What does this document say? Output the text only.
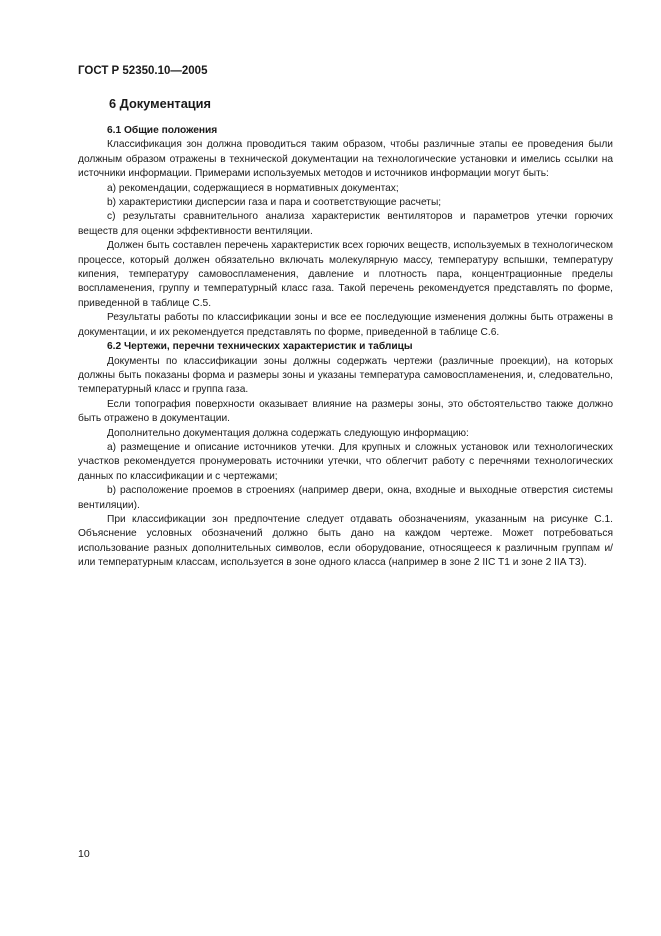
ГОСТ Р 52350.10—2005
6 Документация
6.1 Общие положения

Классификация зон должна проводиться таким образом, чтобы различные этапы ее проведения были должным образом отражены в технической документации на технологические установки и имелись ссылки на источники информации. Примерами используемых методов и источников информации могут быть:

a) рекомендации, содержащиеся в нормативных документах;

b) характеристики дисперсии газа и пара и соответствующие расчеты;

c) результаты сравнительного анализа характеристик вентиляторов и параметров утечки горючих веществ для оценки эффективности вентиляции.

Должен быть составлен перечень характеристик всех горючих веществ, используемых в технологическом процессе, который должен обязательно включать молекулярную массу, температуру вспышки, температуру кипения, температуру самовоспламенения, давление и плотность пара, концентрационные пределы воспламенения, группу и температурный класс газа. Такой перечень рекомендуется представлять по форме, приведенной в таблице С.5.

Результаты работы по классификации зоны и все ее последующие изменения должны быть отражены в документации, и их рекомендуется представлять по форме, приведенной в таблице С.6.

6.2 Чертежи, перечни технических характеристик и таблицы

Документы по классификации зоны должны содержать чертежи (различные проекции), на которых должны быть показаны форма и размеры зоны и указаны температура самовоспламенения, и, следовательно, температурный класс и группа газа.

Если топография поверхности оказывает влияние на размеры зоны, это обстоятельство также должно быть отражено в документации.

Дополнительно документация должна содержать следующую информацию:

a) размещение и описание источников утечки. Для крупных и сложных установок или технологических участков рекомендуется пронумеровать источники утечки, что облегчит работу с перечнями технологических данных по классификации и с чертежами;

b) расположение проемов в строениях (например двери, окна, входные и выходные отверстия системы вентиляции).

При классификации зон предпочтение следует отдавать обозначениям, указанным на рисунке С.1. Объяснение условных обозначений должно быть дано на каждом чертеже. Может потребоваться использование разных дополнительных символов, если оборудование, относящееся к различным группам и/или температурным классам, используется в зоне одного класса (например в зоне 2 IIC T1 и зоне 2 IIA T3).

10
